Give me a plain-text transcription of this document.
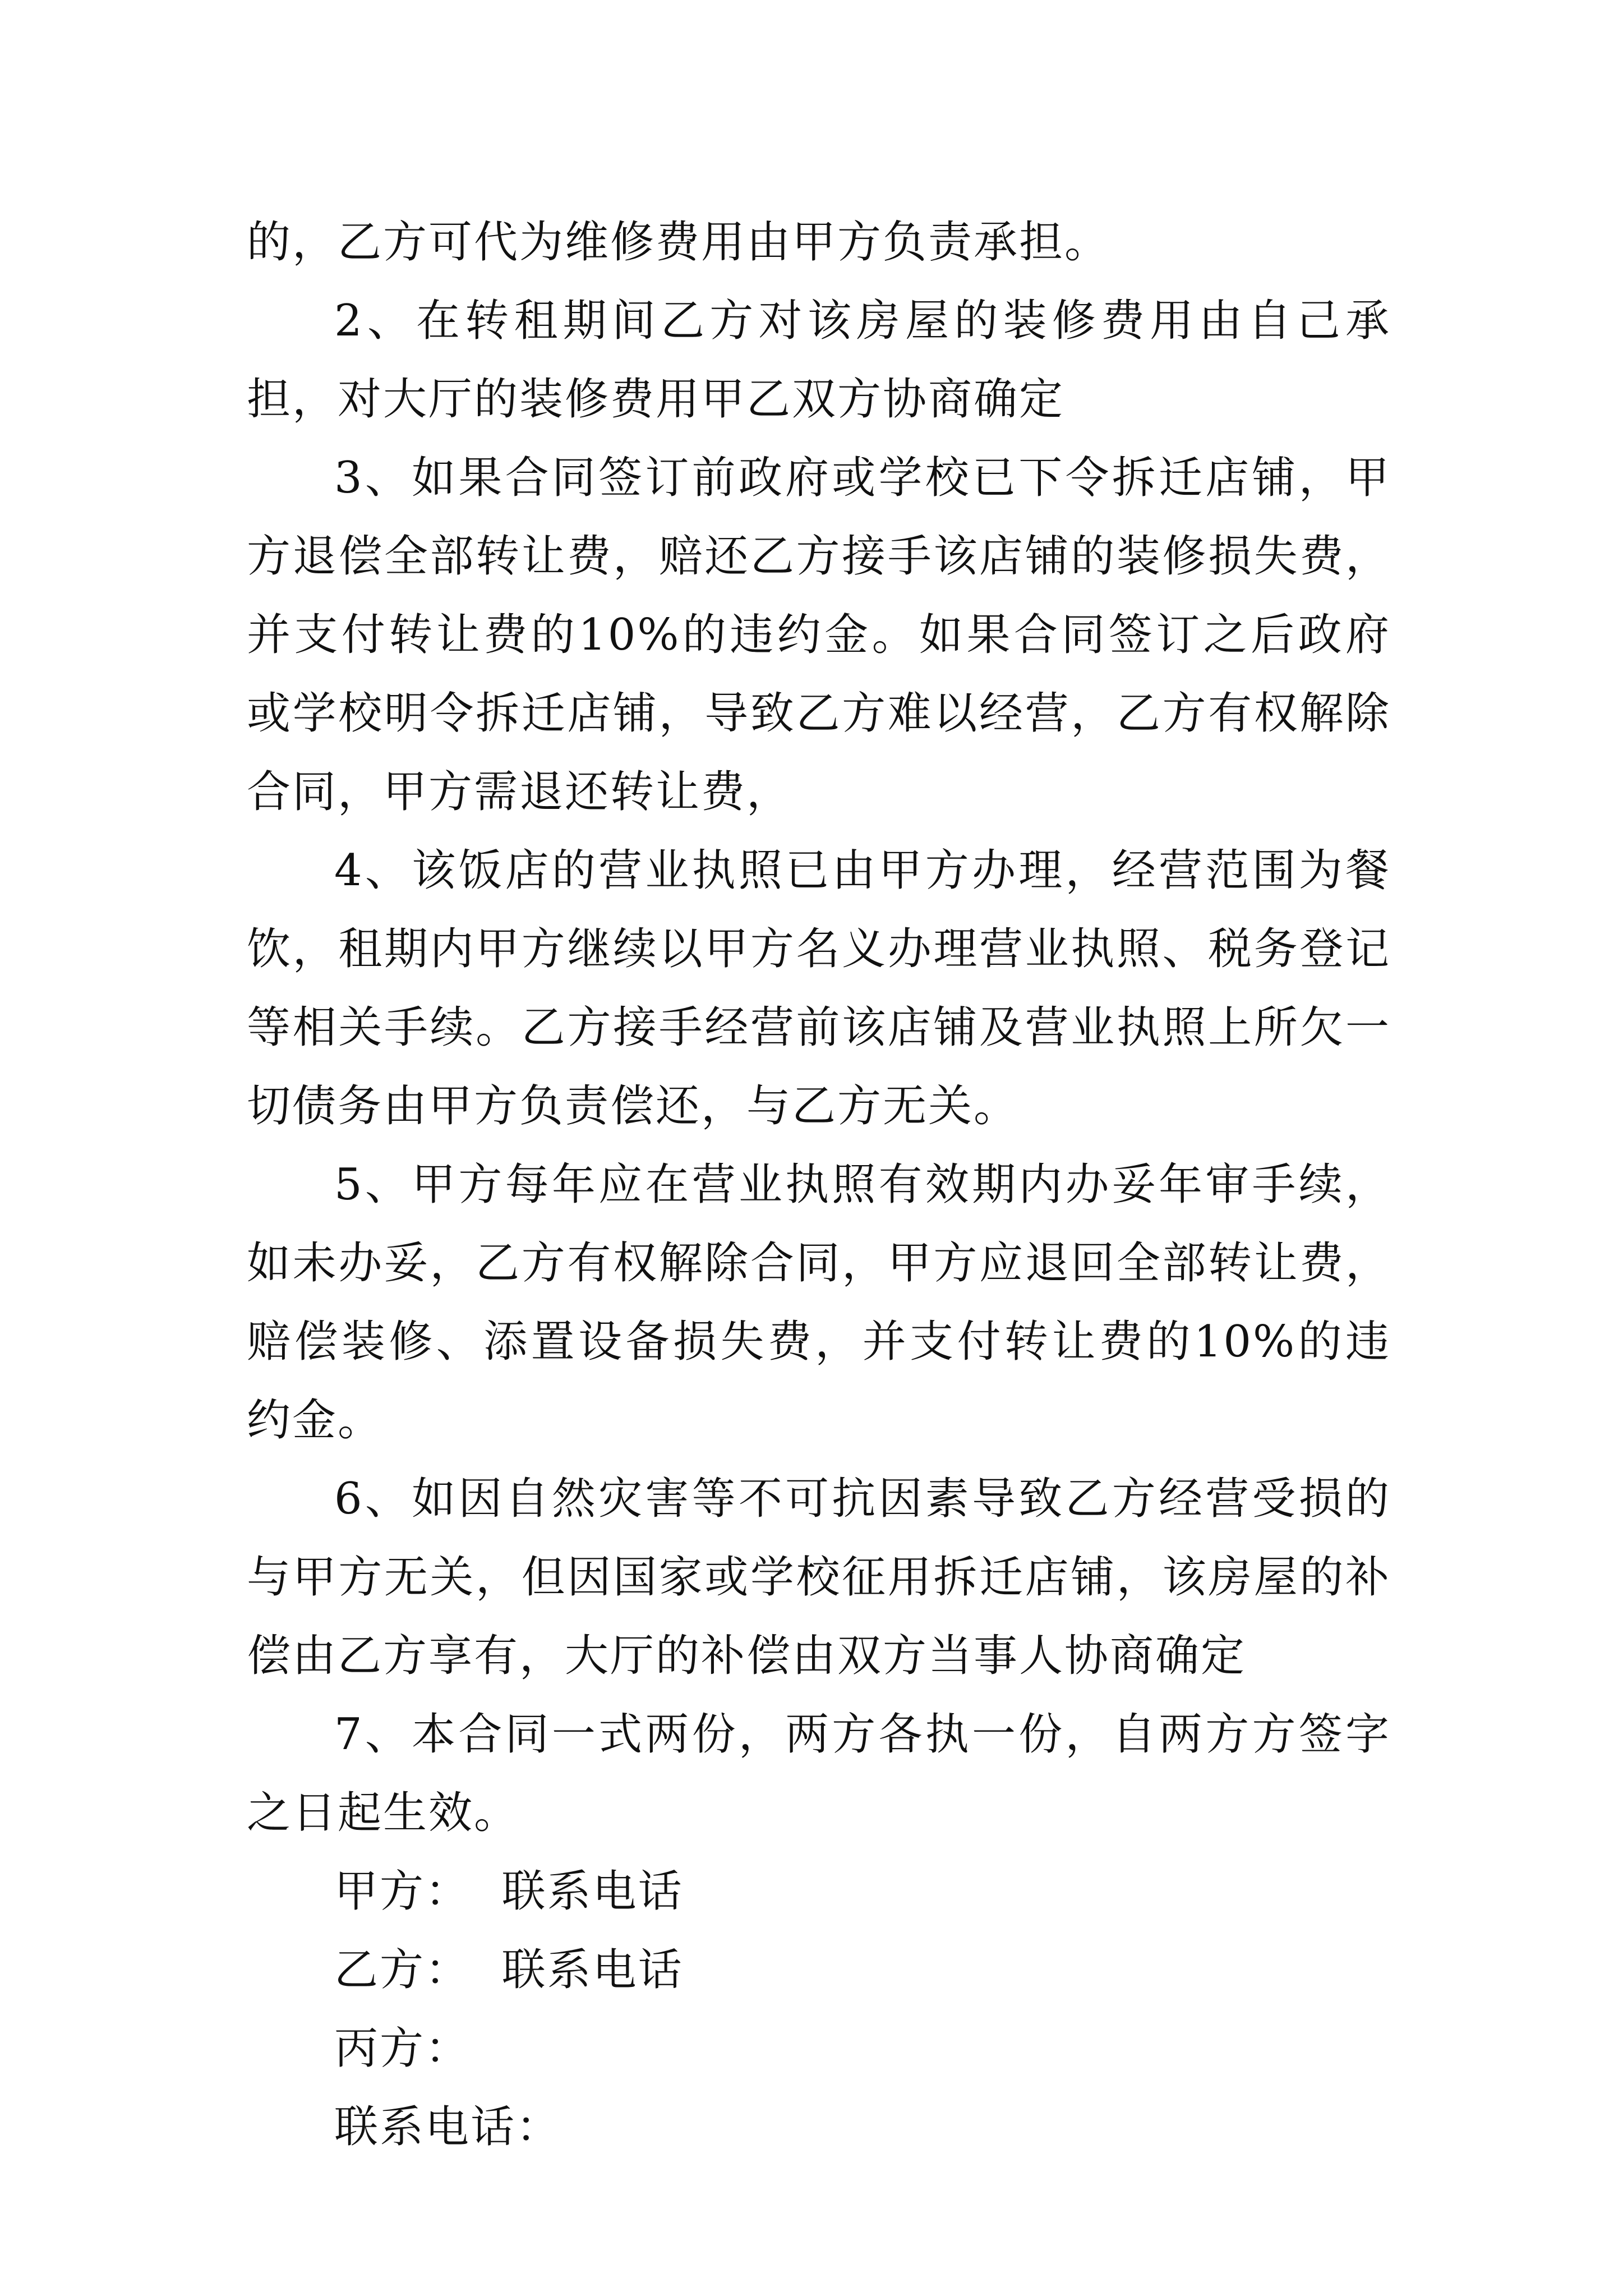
的，乙方可代为维修费用由甲方负责承担。

2、在转租期间乙方对该房屋的装修费用由自己承担，对大厅的装修费用甲乙双方协商确定

3、如果合同签订前政府或学校已下令拆迁店铺，甲方退偿全部转让费，赔还乙方接手该店铺的装修损失费，并支付转让费的10%的违约金。如果合同签订之后政府或学校明令拆迁店铺，导致乙方难以经营，乙方有权解除合同，甲方需退还转让费，

4、该饭店的营业执照已由甲方办理，经营范围为餐饮，租期内甲方继续以甲方名义办理营业执照、税务登记等相关手续。乙方接手经营前该店铺及营业执照上所欠一切债务由甲方负责偿还，与乙方无关。

5、甲方每年应在营业执照有效期内办妥年审手续，如未办妥，乙方有权解除合同，甲方应退回全部转让费，赔偿装修、添置设备损失费，并支付转让费的10%的违约金。

6、如因自然灾害等不可抗因素导致乙方经营受损的与甲方无关，但因国家或学校征用拆迁店铺，该房屋的补偿由乙方享有，大厅的补偿由双方当事人协商确定

7、本合同一式两份，两方各执一份，自两方方签字之日起生效。

甲方：  联系电话

乙方：  联系电话

丙方：

联系电话：
